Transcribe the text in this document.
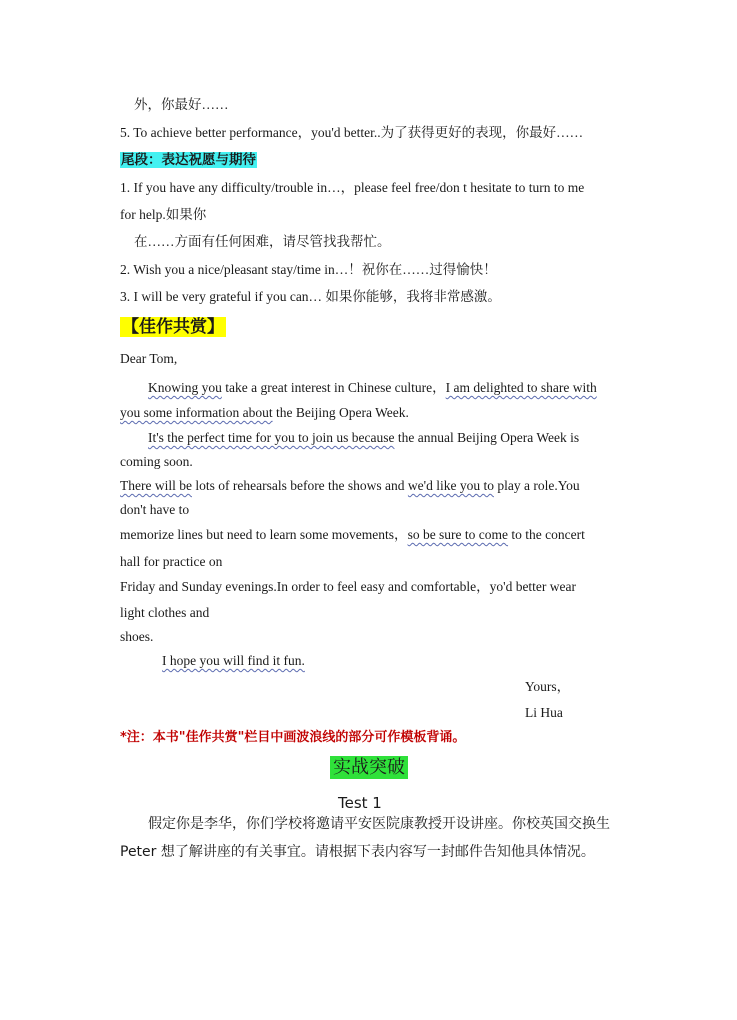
外，你最好……
5. To achieve better performance，you'd better..为了获得更好的表现，你最好……
尾段：表达祝愿与期待
1. If you have any difficulty/trouble in…，please feel free/don t hesitate to turn to me
for help.如果你
在……方面有任何困难，请尽管找我帮忙。
2. Wish you a nice/pleasant stay/time in…！祝你在……过得愉快！
3. I will be very grateful if you can… 如果你能够，我将非常感激。
【佳作共赏】
Dear Tom,
Knowing you take a great interest in Chinese culture，I am delighted to share with
you some information about the Beijing Opera Week.
It's the perfect time for you to join us because the annual Beijing Opera Week is
coming soon.
There will be lots of rehearsals before the shows and we'd like you to play a role.You
don't have to
memorize lines but need to learn some movements，so be sure to come to the concert
hall for practice on
Friday and Sunday evenings.In order to feel easy and comfortable，yo'd better wear
light clothes and
shoes.
I hope you will find it fun.
Yours，
Li Hua
*注：本书"佳作共赏"栏目中画波浪线的部分可作模板背诵。
实战突破
Test 1
假定你是李华，你们学校将邀请平安医院康教授开设讲座。你校英国交换生
Peter 想了解讲座的有关事宜。请根据下表内容写一封邮件告知他具体情况。
